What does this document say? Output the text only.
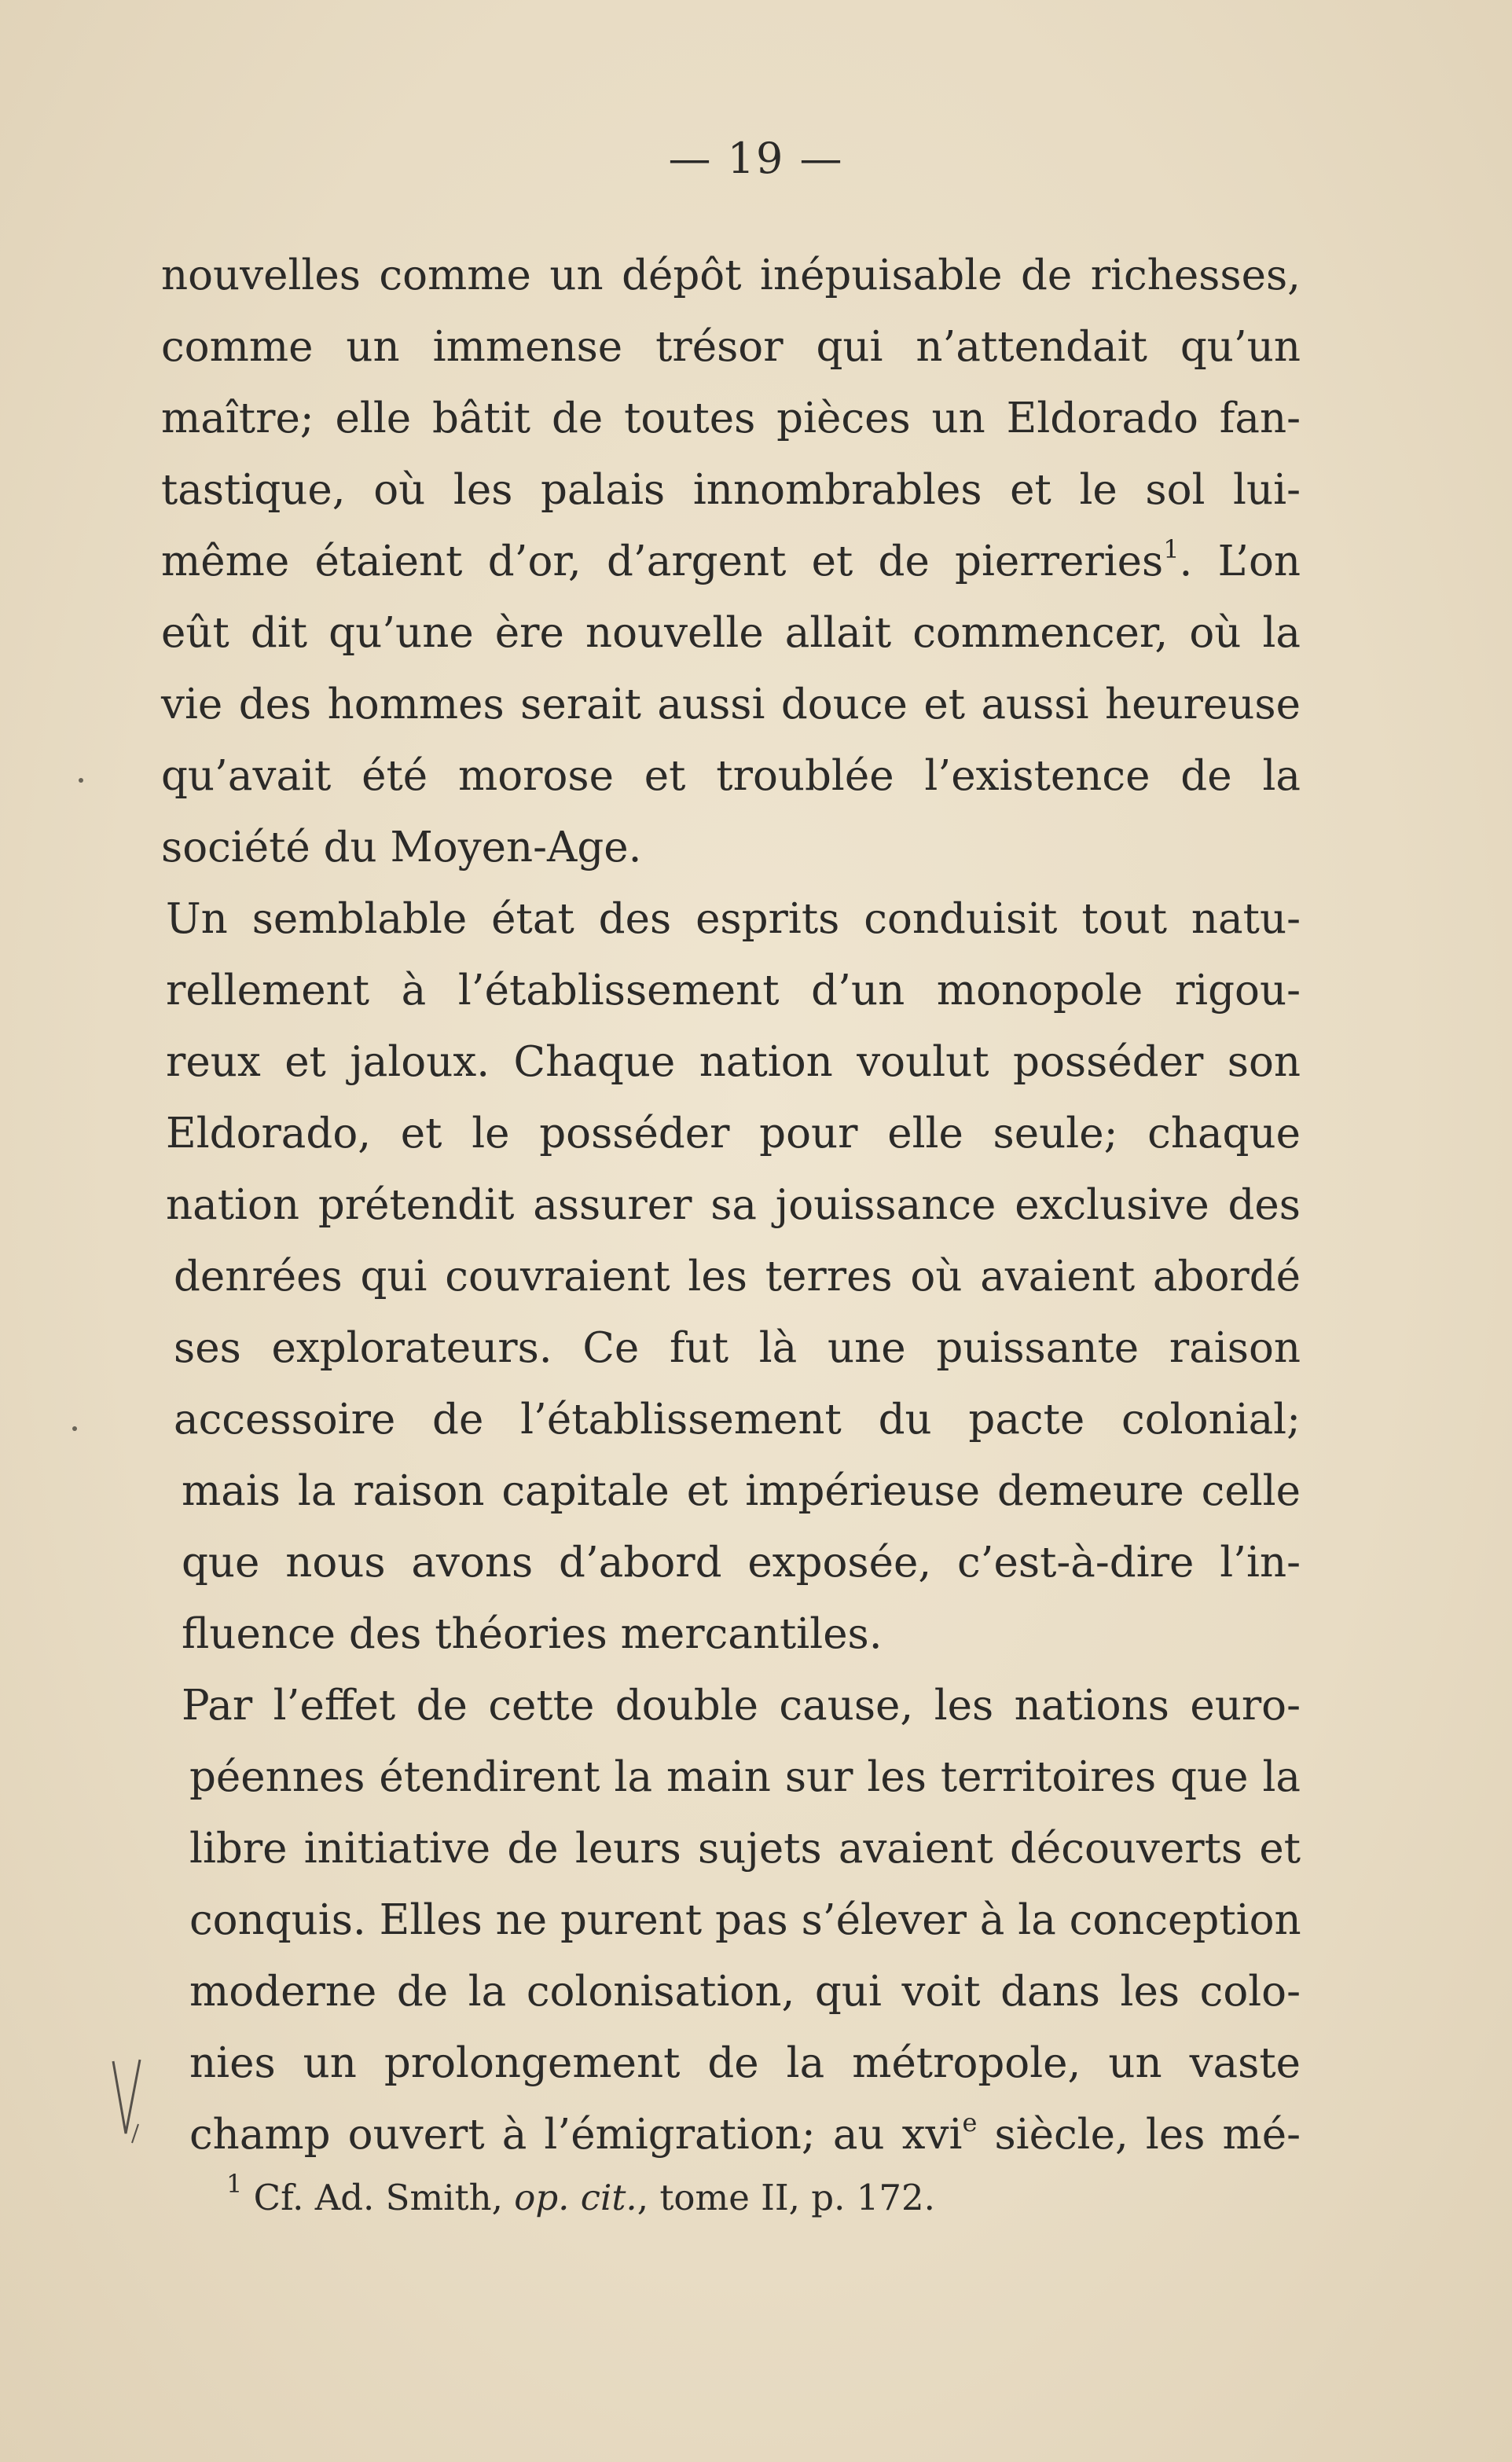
— 19 —
nouvelles comme un dépôt inépuisable de richesses,
comme un immense trésor qui n’attendait qu’un
maître; elle bâtit de toutes pièces un Eldorado fan-
tastique, où les palais innombrables et le sol lui-
même étaient d’or, d’argent et de pierreries$^1$. L’on
eût dit qu’une ère nouvelle allait commencer, où la
vie des hommes serait aussi douce et aussi heureuse
qu’avait été morose et troublée l’existence de la
société du Moyen-Age.
Un semblable état des esprits conduisit tout natu-
rellement à l’établissement d’un monopole rigou-
reux et jaloux. Chaque nation voulut posséder son
Eldorado, et le posséder pour elle seule; chaque
nation prétendit assurer sa jouissance exclusive des
denrées qui couvraient les terres où avaient abordé
ses explorateurs. Ce fut là une puissante raison
accessoire de l’établissement du pacte colonial;
mais la raison capitale et impérieuse demeure celle
que nous avons d’abord exposée, c’est-à-dire l’in-
fluence des théories mercantiles.
Par l’effet de cette double cause, les nations euro-
péennes étendirent la main sur les territoires que la
libre initiative de leurs sujets avaient découverts et
conquis. Elles ne purent pas s’élever à la conception
moderne de la colonisation, qui voit dans les colo-
nies un prolongement de la métropole, un vaste
champ ouvert à l’émigration; au xvi$^e$ siècle, les mé-
$^1$ Cf. Ad. Smith, op. cit., tome II, p. 172.
V
